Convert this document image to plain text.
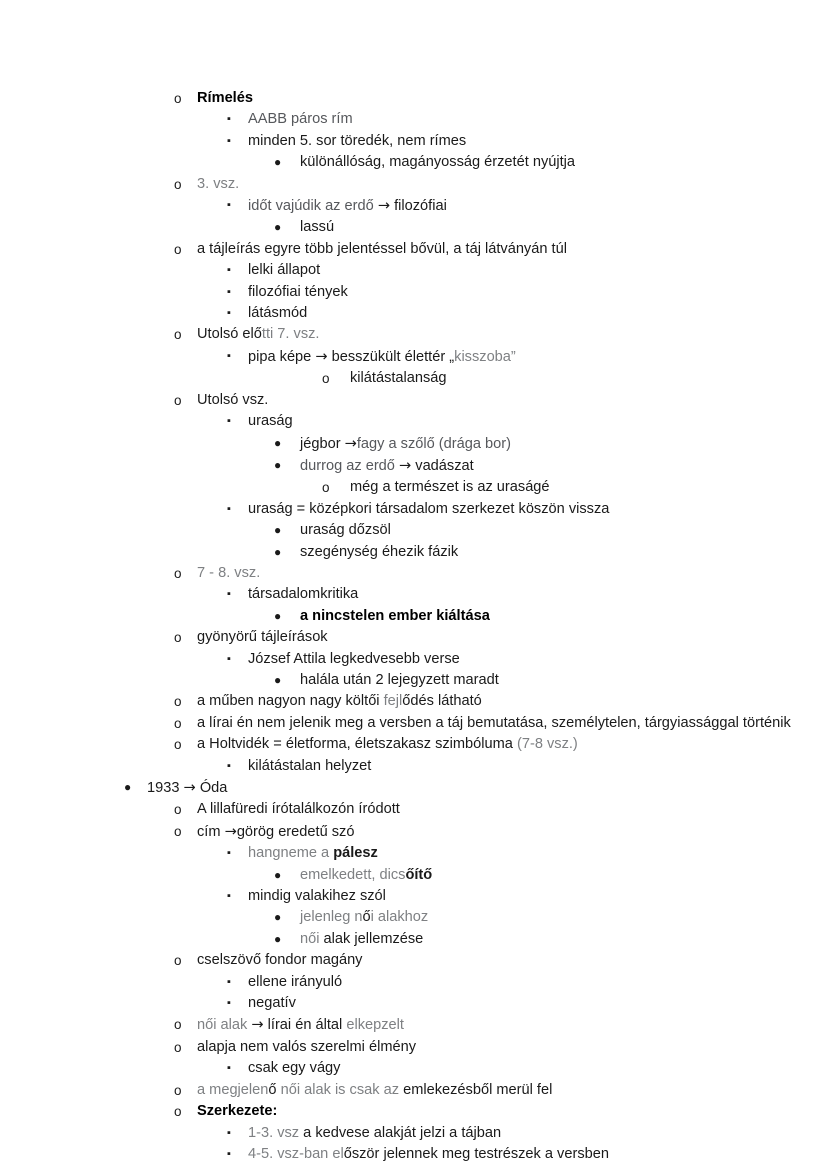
o Rímelés
▪ AABB páros rím
▪ minden 5. sor töredék, nem rímes
● különállóság, magányosság érzetét nyújtja
o 3. vsz.
▪ időt vajúdik az erdő → filozófiai
● lassú
o a tájleírás egyre több jelentéssel bővül, a táj látványán túl
▪ lelki állapot
▪ filozófiai tények
▪ látásmód
o Utolsó előtti 7. vsz.
▪ pipa képe → besszükült élettér „kisszoba”
o kilátástalanság
o Utolsó vsz.
▪ uraság
● jégbor →fagy a szőlő (drága bor)
● durrog az erdő → vadászat
o még a természet is az uraságé
▪ uraság = középkori társadalom szerkezet köszön vissza
● uraság dőzsöl
● szegénység éhezik fázik
o 7 - 8. vsz.
▪ társadalomkritika
● a nincstelen ember kiáltása
o gyönyörű tájleírások
▪ József Attila legkedvesebb verse
● halála után 2 lejegyzett maradt
o a műben nagyon nagy költői fejlődés látható
o a lírai én nem jelenik meg a versben a táj bemutatása, személytelen, tárgyiassággal történik
o a Holtvidék = életforma, életszakasz szimbóluma (7-8 vsz.)
▪ kilátástalan helyzet
● 1933 → Óda
o A lillafüredi írótalálkozón íródott
o cím →görög eredetű szó
▪ hangneme a pálesz
● emelkedett, dicsőítő
▪ mindig valakihez szól
● jelenleg női alakhoz
● női alak jellemzése
o cselszövő fondor magány
▪ ellene irányuló
▪ negatív
o női alak → lírai én által elkepzelt
o alapja nem valós szerelmi élmény
▪ csak egy vágy
o a megjelenő női alak is csak az emlekezésből merül fel
o Szerkezete:
▪ 1-3. vsz a kedvese alakját jelzi a tájban
▪ 4-5. vsz-ban először jelennek meg testrészek a versben
